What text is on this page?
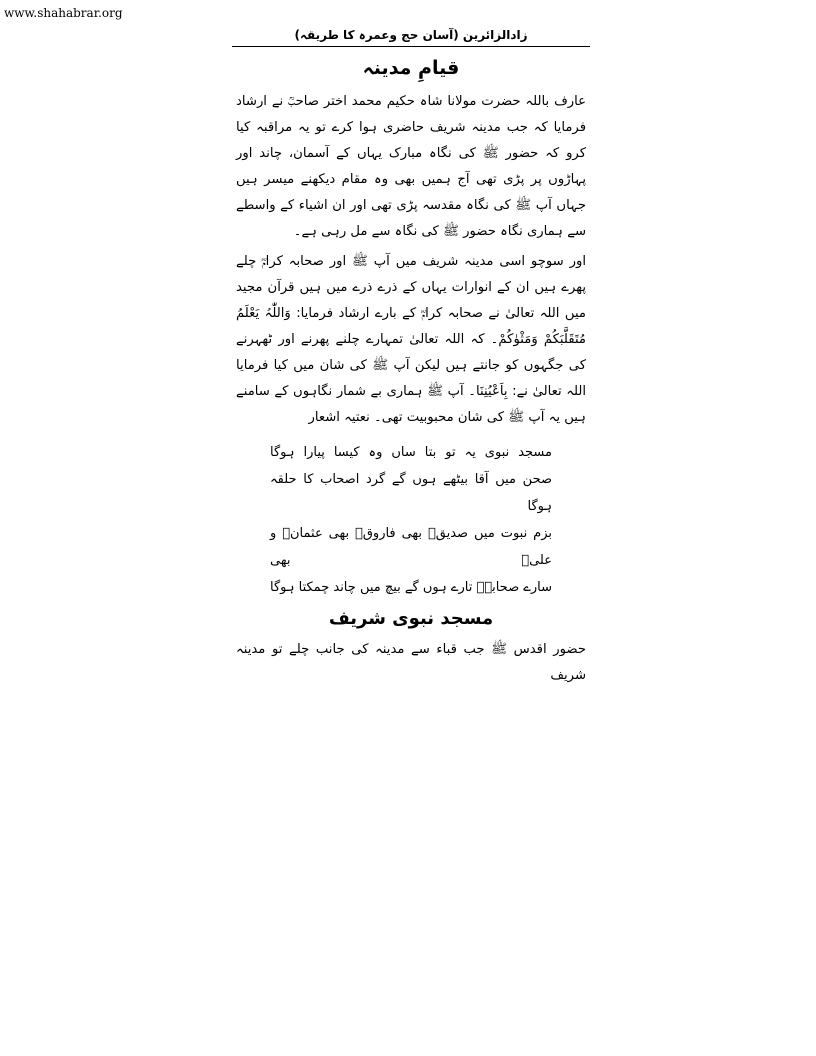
www.shahabrar.org
زادالزائرین (آسان حج وعمرہ کا طریقہ)
قیامِ مدینہ

عارف باللہ حضرت مولانا شاہ حکیم محمد اختر صاحبؒ نے ارشاد فرمایا کہ جب مدینہ شریف حاضری ہوا کرے تو یہ مراقبہ کیا کرو کہ حضور ﷺ کی نگاہ مبارک یہاں کے آسمان، چاند اور پہاڑوں پر پڑی تھی آج ہمیں بھی وہ مقام دیکھنے میسر ہیں جہاں آپ ﷺ کی نگاہ مقدسہ پڑی تھی اور ان اشیاء کے واسطے سے ہماری نگاہ حضور ﷺ کی نگاہ سے مل رہی ہے۔

اور سوچو اسی مدینہ شریف میں آپ ﷺ اور صحابہ کرامؓ چلے پھرے ہیں ان کے انوارات یہاں کے ذرے ذرے میں ہیں قرآن مجید میں اللہ تعالیٰ نے صحابہ کرامؓ کے بارے ارشاد فرمایا: وَاللّٰہُ یَعْلَمُ مُتَقَلَّبَکُمْ وَمَثْوٰکُمْ۔ کہ اللہ تعالیٰ تمہارے چلنے پھرنے اور ٹھہرنے کی جگہوں کو جانتے ہیں لیکن آپ ﷺ کی شان میں کیا فرمایا اللہ تعالیٰ نے: بِاَعْیُنِنَا۔ آپ ﷺ ہماری بے شمار نگاہوں کے سامنے ہیں یہ آپ ﷺ کی شان محبوبیت تھی۔ نعتیہ اشعار

مسجد نبوی یہ تو بتا ساں وہ کیسا پیارا ہوگا
صحن میں آقا بیٹھے ہوں گے گرد اصحاب کا حلقہ ہوگا
بزم نبوت میں صدیقؓ بھی فاروقؓ بھی عثمانؓ و علیؓ بھی
سارے صحابہؓ تارے ہوں گے بیچ میں چاند چمکتا ہوگا
مسجد نبوی شریف

حضور اقدس ﷺ جب قباء سے مدینہ کی جانب چلے تو مدینہ شریف
